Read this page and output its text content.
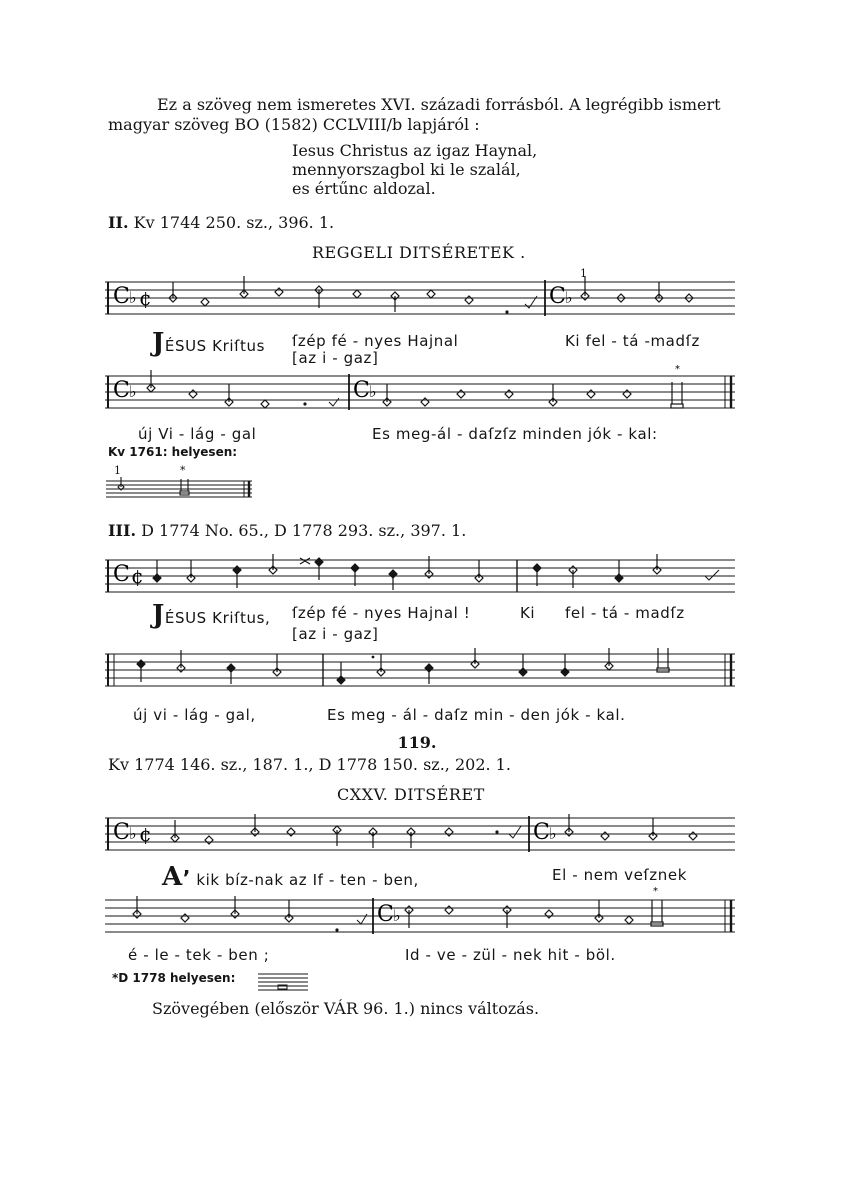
Ez a szöveg nem ismeretes XVI. századi forrásból. A legrégibb ismert
magyar szöveg BO (1582) CCLVIII/b lapjáról :
Iesus Christus az igaz Haynal,
mennyorszagbol ki le szalál,
es értűnc aldozal.
II. Kv 1744 250. sz., 396. 1.
REGGELI DITSÉRETEK .
1
C ♭ ¢	C ♭
JÉSUS Kriſtus ſzép fé - nyes Hajnal	Ki fel - tá -madſz
[az i - gaz]
C ♭	C ♭
*
új Vi - lág - gal	Es meg-ál - daſzſz minden jók - kal:
Kv 1761: helyesen:
1	*
III. D 1774 No. 65., D 1778 293. sz., 397. 1.
C ¢
JÉSUS Kriſtus, ſzép fé - nyes Hajnal !	Ki fel - tá - madſz
[az i - gaz]
új vi - lág - gal,	Es meg - ál - daſz min - den jók - kal.
119.
Kv 1774 146. sz., 187. 1., D 1778 150. sz., 202. 1.
CXXV. DITSÉRET
C ♭ ¢	C ♭
A’ kik bíz-nak az If - ten - ben,	El - nem veſznek
C ♭
*
é - le - tek - ben ;	Id - ve - zül - nek hit - böl.
*D 1778 helyesen:
Szövegében (először VÁR 96. 1.) nincs változás.
